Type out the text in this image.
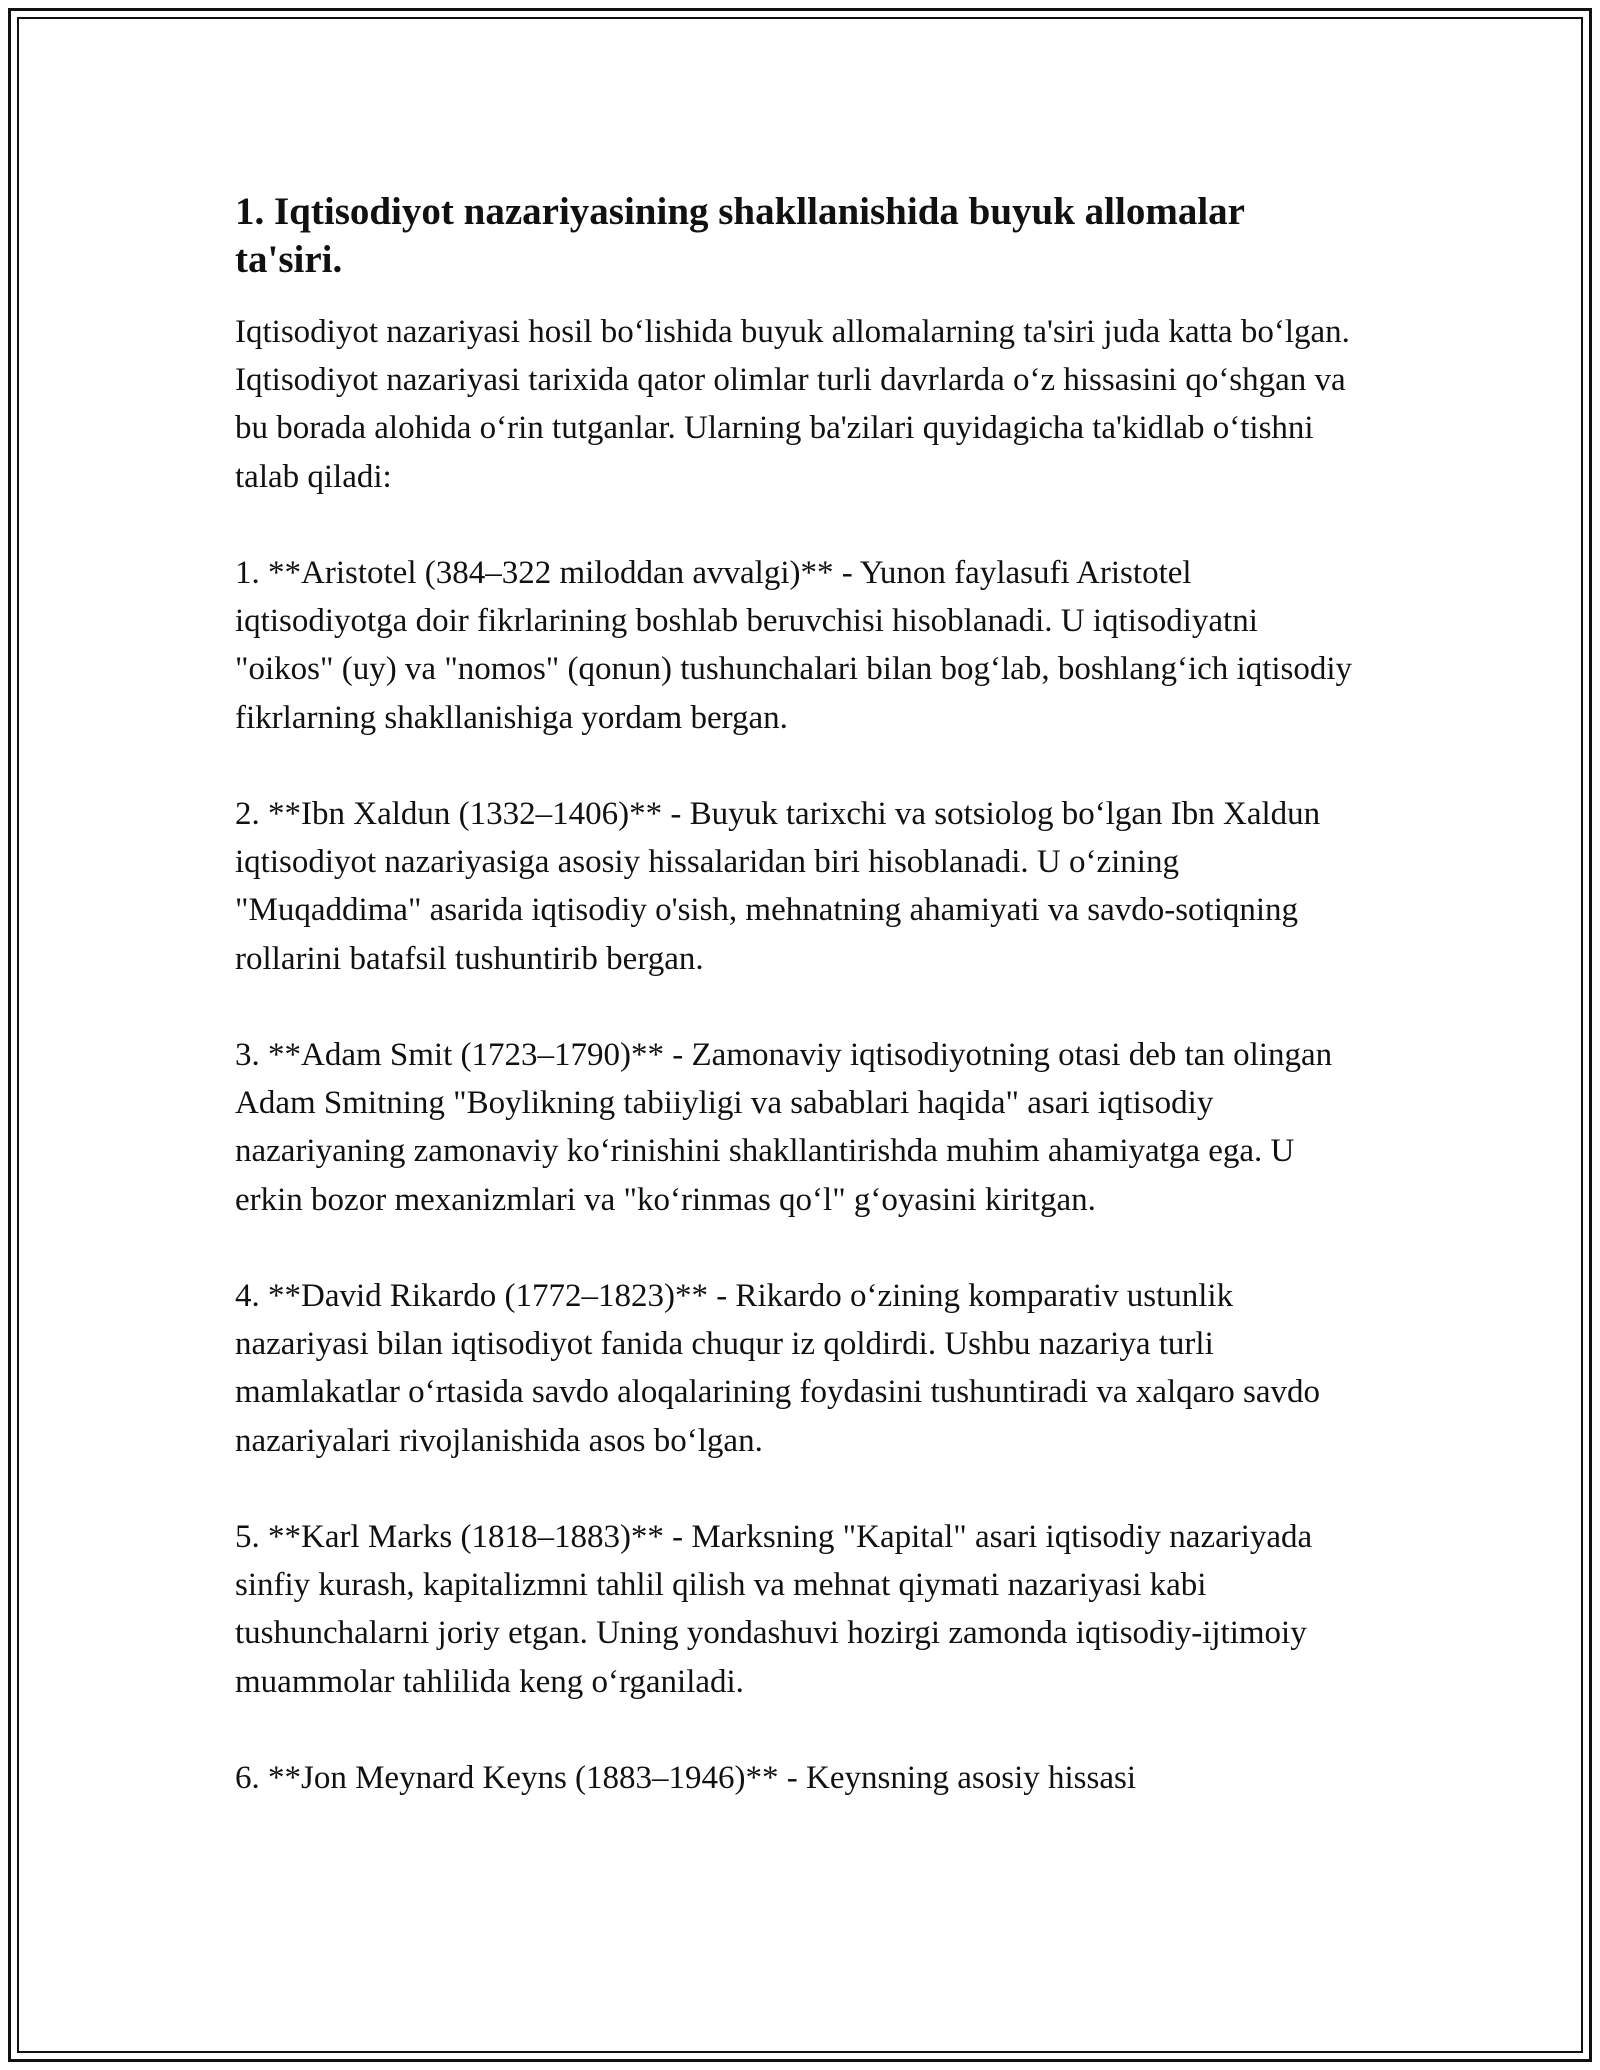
1. Iqtisodiyot nazariyasining shakllanishida buyuk allomalar ta'siri.

Iqtisodiyot nazariyasi hosil boʻlishida buyuk allomalarning ta'siri juda katta boʻlgan. Iqtisodiyot nazariyasi tarixida qator olimlar turli davrlarda oʻz hissasini qoʻshgan va bu borada alohida oʻrin tutganlar. Ularning ba'zilari quyidagicha ta'kidlab oʻtishni talab qiladi:

1. **Aristotel (384–322 miloddan avvalgi)** - Yunon faylasufi Aristotel iqtisodiyotga doir fikrlarining boshlab beruvchisi hisoblanadi. U iqtisodiyatni "oikos" (uy) va "nomos" (qonun) tushunchalari bilan bogʻlab, boshlangʻich iqtisodiy fikrlarning shakllanishiga yordam bergan.

2. **Ibn Xaldun (1332–1406)** - Buyuk tarixchi va sotsiolog boʻlgan Ibn Xaldun iqtisodiyot nazariyasiga asosiy hissalaridan biri hisoblanadi. U oʻzining "Muqaddima" asarida iqtisodiy o'sish, mehnatning ahamiyati va savdo-sotiqning rollarini batafsil tushuntirib bergan.

3. **Adam Smit (1723–1790)** - Zamonaviy iqtisodiyotning otasi deb tan olingan Adam Smitning "Boylikning tabiiyligi va sabablari haqida" asari iqtisodiy nazariyaning zamonaviy koʻrinishini shakllantirishda muhim ahamiyatga ega. U erkin bozor mexanizmlari va "koʻrinmas qoʻl" gʻoyasini kiritgan.

4. **David Rikardo (1772–1823)** - Rikardo oʻzining komparativ ustunlik nazariyasi bilan iqtisodiyot fanida chuqur iz qoldirdi. Ushbu nazariya turli mamlakatlar oʻrtasida savdo aloqalarining foydasini tushuntiradi va xalqaro savdo nazariyalari rivojlanishida asos boʻlgan.

5. **Karl Marks (1818–1883)** - Marksning "Kapital" asari iqtisodiy nazariyada sinfiy kurash, kapitalizmni tahlil qilish va mehnat qiymati nazariyasi kabi tushunchalarni joriy etgan. Uning yondashuvi hozirgi zamonda iqtisodiy-ijtimoiy muammolar tahlilida keng oʻrganiladi.

6. **Jon Meynard Keyns (1883–1946)** - Keynsning asosiy hissasi
